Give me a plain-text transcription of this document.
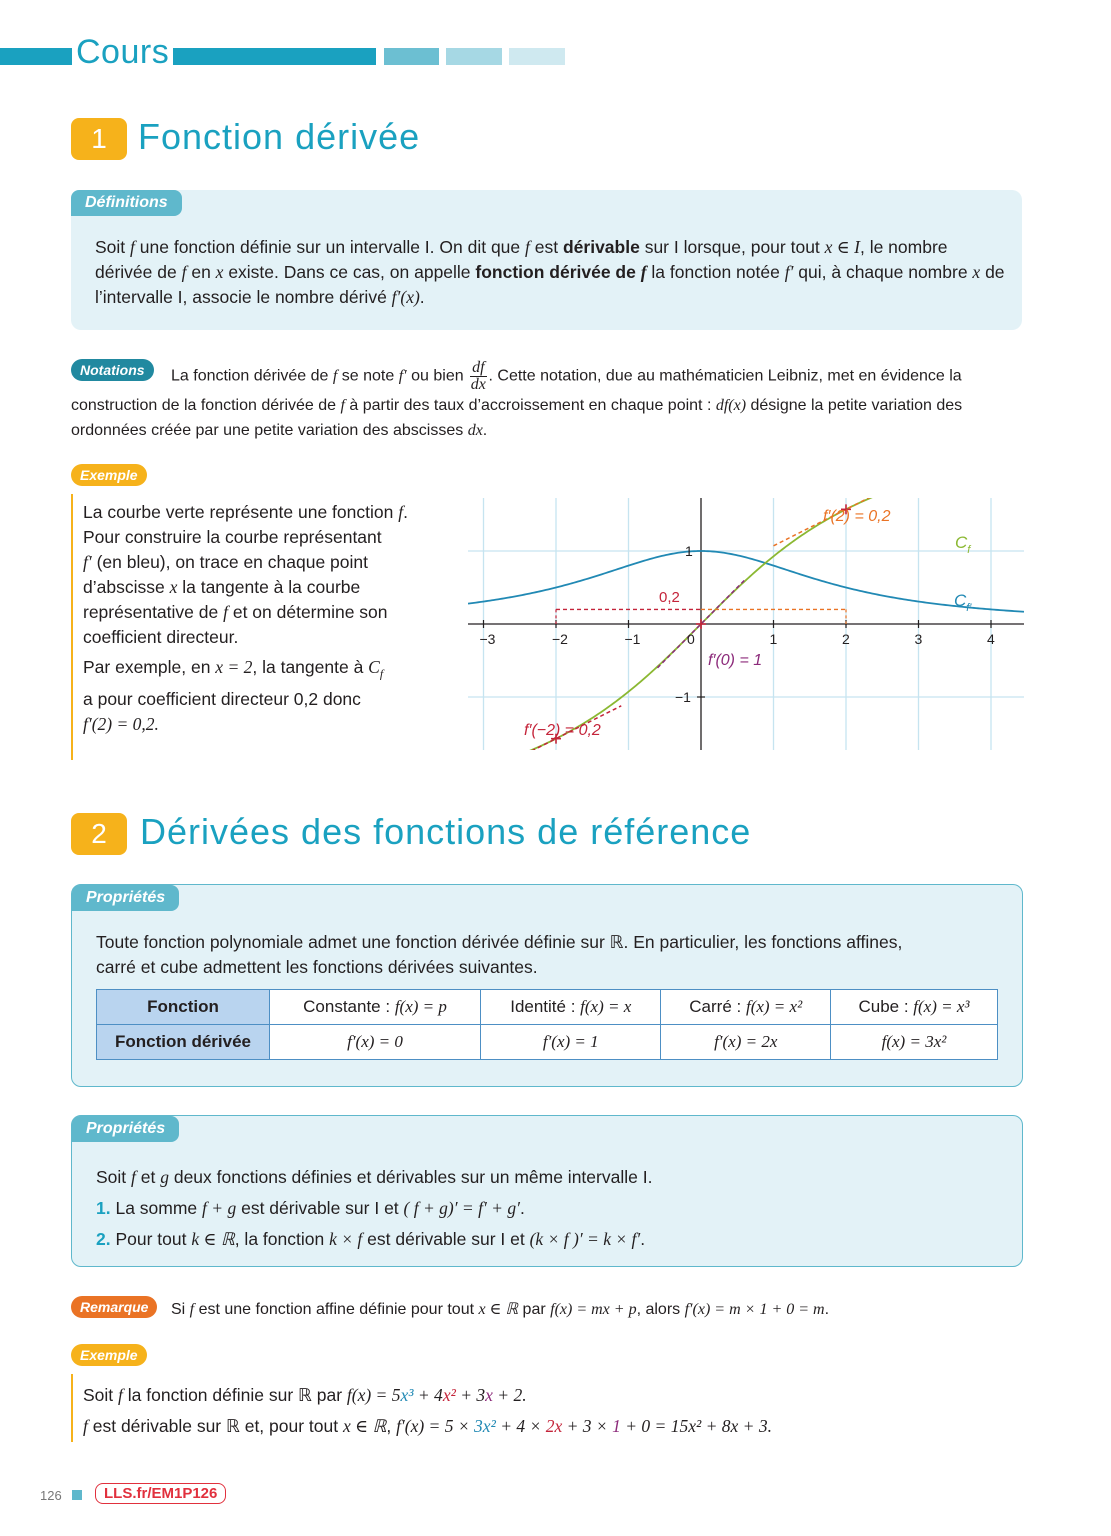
Cours
1 Fonction dérivée
Définitions
Soit f une fonction définie sur un intervalle I. On dit que f est dérivable sur I lorsque, pour tout x ∈ I, le nombre dérivée de f en x existe. Dans ce cas, on appelle fonction dérivée de f la fonction notée f′ qui, à chaque nombre x de l’intervalle I, associe le nombre dérivé f′(x).
Notations	La fonction dérivée de f se note f′ ou bien $\frac{df}{dx}$ . Cette notation, due au mathématicien Leibniz, met en évidence la construction de la fonction dérivée de f à partir des taux d’accroissement en chaque point : df(x) désigne la petite variation des ordonnées créée par une petite variation des abscisses dx.
Exemple
La courbe verte représente une fonction f.
Pour construire la courbe représentant
f′ (en bleu), on trace en chaque point
d’abscisse x la tangente à la courbe
représentative de f et on détermine son
coefficient directeur.
Par exemple, en x = 2, la tangente à $C_f$
a pour coefficient directeur 0,2 donc
f′(2) = 0,2.
−3	−2	−1	0	1	2	3	4
1
−1
f′(2) = 0,2
f′(0) = 1
f′(−2) = 0,2
0,2
$C_f$
$C_{f'}$
2 Dérivées des fonctions de référence
Propriétés
Toute fonction polynomiale admet une fonction dérivée définie sur ℝ. En particulier, les fonctions affines,
carré et cube admettent les fonctions dérivées suivantes.
Fonction	Constante : f(x) = p	Identité : f(x) = x	Carré : f(x) = x²	Cube : f(x) = x³
Fonction dérivée	f′(x) = 0	f′(x) = 1	f′(x) = 2x	f(x) = 3x²
Propriétés
Soit f et g deux fonctions définies et dérivables sur un même intervalle I.
1. La somme f + g est dérivable sur I et ( f + g)′ = f′ + g′.
2. Pour tout k ∈ ℝ, la fonction k × f est dérivable sur I et (k × f )′ = k × f′.
Remarque	Si f est une fonction affine définie pour tout x ∈ ℝ par f(x) = mx + p, alors f′(x) = m × 1 + 0 = m.
Exemple
Soit f la fonction définie sur ℝ par f(x) = 5x³ + 4x² + 3x + 2.
f est dérivable sur ℝ et, pour tout x ∈ ℝ, f′(x) = 5 × 3x² + 4 × 2x + 3 × 1 + 0 = 15x² + 8x + 3.
126	LLS.fr/EM1P126
